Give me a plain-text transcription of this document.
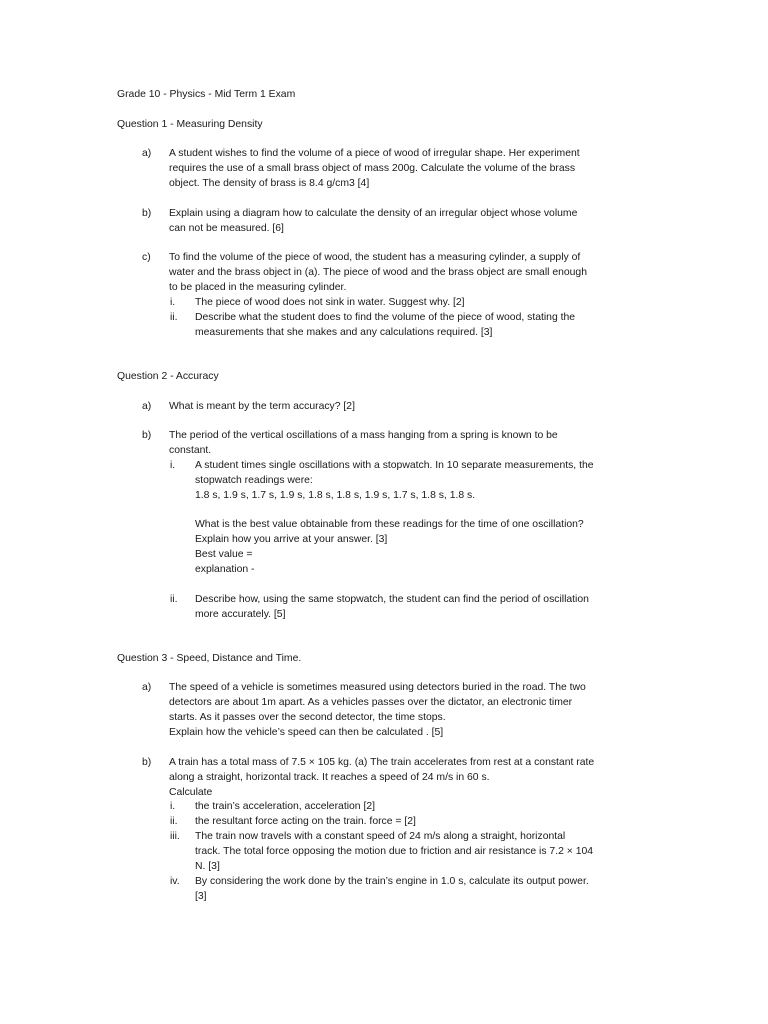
Grade 10 - Physics - Mid Term 1 Exam
Question 1 - Measuring Density
a) A student wishes to find the volume of a piece of wood of irregular shape. Her experiment
requires the use of a small brass object of mass 200g. Calculate the volume of the brass
object. The density of brass is 8.4 g/cm3 [4]
b) Explain using a diagram how to calculate the density of an irregular object whose volume
can not be measured. [6]
c) To find the volume of the piece of wood, the student has a measuring cylinder, a supply of
water and the brass object in (a). The piece of wood and the brass object are small enough
to be placed in the measuring cylinder.
i. The piece of wood does not sink in water. Suggest why. [2]
ii. Describe what the student does to find the volume of the piece of wood, stating the
measurements that she makes and any calculations required. [3]
Question 2 - Accuracy
a) What is meant by the term accuracy? [2]
b) The period of the vertical oscillations of a mass hanging from a spring is known to be
constant.
i. A student times single oscillations with a stopwatch. In 10 separate measurements, the
stopwatch readings were:
1.8 s, 1.9 s, 1.7 s, 1.9 s, 1.8 s, 1.8 s, 1.9 s, 1.7 s, 1.8 s, 1.8 s.
What is the best value obtainable from these readings for the time of one oscillation?
Explain how you arrive at your answer. [3]
Best value =
explanation -
ii. Describe how, using the same stopwatch, the student can find the period of oscillation
more accurately. [5]
Question 3 - Speed, Distance and Time.
a) The speed of a vehicle is sometimes measured using detectors buried in the road. The two
detectors are about 1m apart. As a vehicles passes over the dictator, an electronic timer
starts. As it passes over the second detector, the time stops.
Explain how the vehicle’s speed can then be calculated . [5]
b) A train has a total mass of 7.5 × 105 kg. (a) The train accelerates from rest at a constant rate
along a straight, horizontal track. It reaches a speed of 24 m/s in 60 s.
Calculate
i. the train’s acceleration, acceleration [2]
ii. the resultant force acting on the train. force = [2]
iii. The train now travels with a constant speed of 24 m/s along a straight, horizontal
track. The total force opposing the motion due to friction and air resistance is 7.2 × 104
N. [3]
iv. By considering the work done by the train’s engine in 1.0 s, calculate its output power.
[3]
